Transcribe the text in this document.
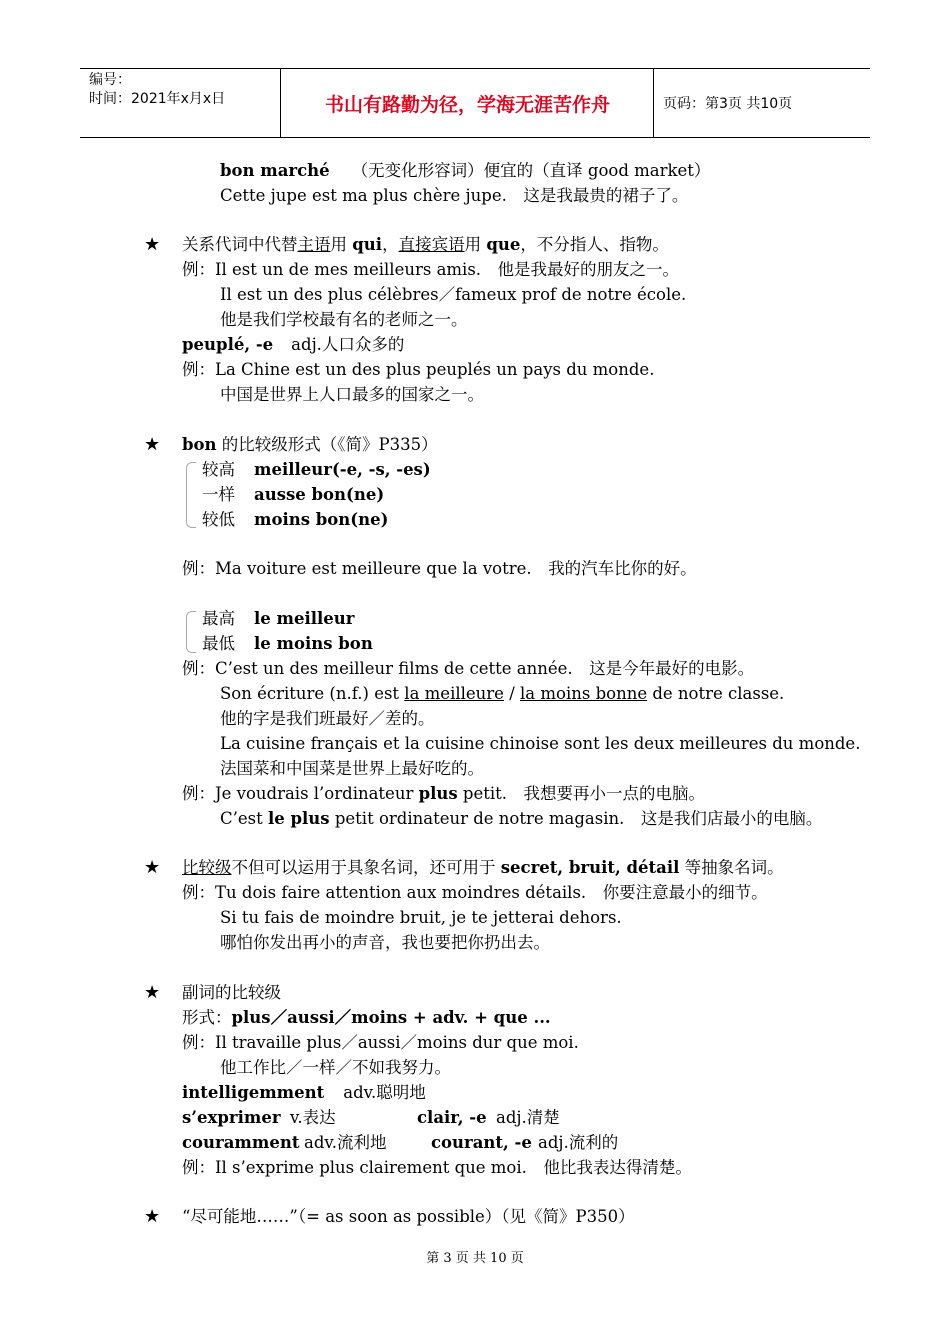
编号：
时间：2021年x月x日	书山有路勤为径，学海无涯苦作舟	页码：第3页 共10页
bon marché （无变化形容词）便宜的（直译 good market）
Cette jupe est ma plus chère jupe.　这是我最贵的裙子了。
★ 关系代词中代替主语用 qui，直接宾语用 que，不分指人、指物。
例：Il est un de mes meilleurs amis.　他是我最好的朋友之一。
Il est un des plus célèbres／fameux prof de notre école.
他是我们学校最有名的老师之一。
peuplé, -e adj.人口众多的
例：La Chine est un des plus peuplés un pays du monde.
中国是世界上人口最多的国家之一。
★ bon 的比较级形式（《简》P335）
较高 meilleur(-e, -s, -es)
一样 ausse bon(ne)
较低 moins bon(ne)
例：Ma voiture est meilleure que la votre.　我的汽车比你的好。
最高 le meilleur
最低 le moins bon
例：C’est un des meilleur films de cette année.　这是今年最好的电影。
Son écriture (n.f.) est la meilleure / la moins bonne de notre classe.
他的字是我们班最好／差的。
La cuisine français et la cuisine chinoise sont les deux meilleures du monde.
法国菜和中国菜是世界上最好吃的。
例：Je voudrais l’ordinateur plus petit.　我想要再小一点的电脑。
C’est le plus petit ordinateur de notre magasin.　这是我们店最小的电脑。
★ 比较级不但可以运用于具象名词，还可用于 secret, bruit, détail 等抽象名词。
例：Tu dois faire attention aux moindres détails.　你要注意最小的细节。
Si tu fais de moindre bruit, je te jetterai dehors.
哪怕你发出再小的声音，我也要把你扔出去。
★ 副词的比较级
形式：plus／aussi／moins + adv. + que ...
例：Il travaille plus／aussi／moins dur que moi.
他工作比／一样／不如我努力。
intelligemment adv.聪明地
s’exprimer v.表达	clair, -e adj.清楚
couramment adv.流利地	courant, -e adj.流利的
例：Il s’exprime plus clairement que moi.　他比我表达得清楚。
★ “尽可能地……”（= as soon as possible）（见《简》P350）
第 3 页 共 10 页
